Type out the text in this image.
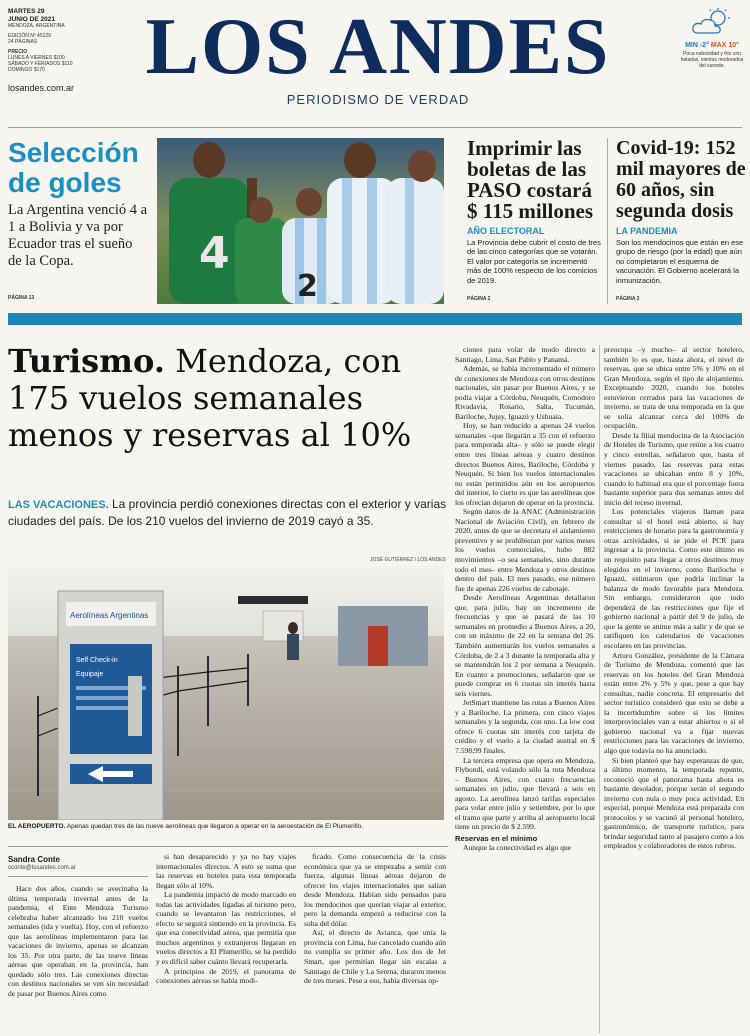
MARTES 29
JUNIO DE 2021
MENDOZA, ARGENTINA
EDICIÓN Nº 45129
24 PÁGINAS
PRECIO
LUNES A VIERNES $100
SÁBADO Y FERIADOS $110
DOMINGO $170
losandes.com.ar LOS ANDES
PERIODISMO DE VERDAD
MIN -2° MAX 10°
Poca nubosidad y frío con heladas, vientos moderados del sureste.
Selección de goles
La Argentina venció 4 a 1 a Bolivia y va por Ecuador tras el sueño de la Copa.
PÁGINA 13
4
2
Imprimir las boletas de las PASO costará $ 115 millones
AÑO ELECTORAL
La Provincia debe cubrir el costo de tres de las cinco categorías que se votarán. El valor por categoría se incrementó más de 100% respecto de los comicios de 2019.
PÁGINA 2
Covid-19: 152 mil mayores de 60 años, sin segunda dosis
LA PANDEMIA
Son los mendocinos que están en ese grupo de riesgo (por la edad) que aún no completaron el esquema de vacunación. El Gobierno acelerará la inmunización.
PÁGINA 3
Turismo. Mendoza, con 175 vuelos semanales menos y reservas al 10%
LAS VACACIONES. La provincia perdió conexiones directas con el exterior y varias ciudades del país. De los 210 vuelos del invierno de 2019 cayó a 35.
JOSÉ GUTIÉRREZ / LOS ANDES
Aerolíneas Argentinas
Self Check-in
Equipaje
EL AEROPUERTO. Apenas quedan tres de las nueve aerolíneas que llegaron a operar en la aeroestación de El Plumerillo.
Sandra Conte
sconte@losandes.com.ar

Hace dos años, cuando se avecinaba la última temporada invernal antes de la pandemia, el Ente Mendoza Turismo celebraba haber alcanzado los 210 vuelos semanales (ida y vuelta). Hoy, con el refuerzo que las aerolíneas implementaron para las vacaciones de invierno, apenas se alcanzan los 35. Por otra parte, de las nueve líneas aéreas que operaban en la provincia, han quedado sólo tres. Las conexiones directas con destinos nacionales se ven sin necesidad de pasar por Buenos Aires como

si han desaparecido y ya no hay viajes internacionales directos. A esto se suma que las reservas en hoteles para esta temporada llegan sólo al 10%.

La pandemia impactó de modo marcado en todas las actividades ligadas al turismo pero, cuando se levantaron las restricciones, el efecto se seguirá sintiendo en la provincia. Es que esa conectividad aérea, que permitía que muchos argentinos y extranjeros llegaran en vuelos directos a El Plumerillo, se ha perdido y es difícil saber cuánto llevará recuperarla.

A principios de 2019, el panorama de conexiones aéreas se había modi-

ficado. Como consecuencia de la crisis económica que ya se empezaba a sentir con fuerza, algunas líneas aéreas dejaron de ofrecer los viajes internacionales que salían desde Mendoza. Habían sido pensados para los mendocinos que querían viajar al exterior, pero la demanda empezó a reducirse con la suba del dólar.

Así, el directo de Avianca, que unía la provincia con Lima, fue cancelado cuando aún no cumplía su primer año. Los dos de Jet Smart, que permitían llegar sin escalas a Santiago de Chile y La Serena, duraron menos de tres meses. Pese a eso, había diversas op-

ciones para volar de modo directo a Santiago, Lima, San Pablo y Panamá.

Además, se había incrementado el número de conexiones de Mendoza con otros destinos nacionales, sin pasar por Buenos Aires, y se podía viajar a Córdoba, Neuquén, Comodoro Rivadavia, Rosario, Salta, Tucumán, Bariloche, Jujuy, Iguazú y Ushuaia.

Hoy, se han reducido a apenas 24 vuelos semanales –que llegarán a 35 con el refuerzo para temporada alta– y sólo se puede elegir entre tres líneas aéreas y cuatro destinos directos Buenos Aires, Bariloche, Córdoba y Neuquén. Si bien los vuelos internacionales no están permitidos aún en los aeropuertos del interior, lo cierto es que las aerolíneas que los ofrecían dejaron de operar en la provincia.

Según datos de la ANAC (Administración Nacional de Aviación Civil), en febrero de 2020, antes de que se decretara el aislamiento preventivo y se prohibieran por varios meses los vuelos comerciales, hubo 882 movimientos –o sea semanales, sino durante todo el mes– entre Mendoza y otros destinos dentro del país. El mes pasado, ese número fue de apenas 226 vuelos de cabotaje.

Desde Aerolíneas Argentinas detallaron que, para julio, hay un incremento de frecuencias y que se pasará de las 10 semanales en promedio a Buenos Aires, a 20, con un máximo de 22 en la semana del 26. También aumentarán los vuelos semanales a Córdoba, de 2 a 3 durante la temporada alta y se mantendrán los 2 por semana a Neuquén. En cuanto a promociones, señalaron que se puede comprar en 6 cuotas sin interés hasta seis viernes.

JetSmart mantiene las rutas a Buenos Aires y a Bariloche. La primera, con cinco viajes semanales y la segunda, con uno. La low cost ofrece 6 cuotas sin interés con tarjeta de crédito y el vuelo a la ciudad austral en $ 7.598,99 finales.

La tercera empresa que opera en Mendoza, Flybondi, está volando sólo la ruta Mendoza – Buenos Aires, con cuatro frecuencias semanales en julio, que llevará a seis en agosto. La aerolínea lanzó tarifas especiales para volar entre julio y setiembre, por lo que el tramo que parte y arriba al aeropuerto local tiene un precio de $ 2.599.

Reservas en el mínimo

Aunque la conectividad es algo que

preocupa –y mucho– al sector hotelero, también lo es que, hasta ahora, el nivel de reservas, que se ubica entre 5% y 10% en el Gran Mendoza, según el tipo de alojamiento. Exceptuando 2020, cuando los hoteles estuvieron cerrados para las vacaciones de invierno, se trata de una temporada en la que se solía alcanzar cerca del 100% de ocupación.

Desde la filial mendocina de la Asociación de Hoteles de Turismo, que reúne a los cuatro y cinco estrellas, señalaron que, hasta el viernes pasado, las reservas para estas vacaciones se ubicaban entre 8 y 10%, cuando lo habitual era que el porcentaje fuera bastante superior para dos semanas antes del inicio del receso invernal.

Los potenciales viajeros llaman para consultar si el hotel está abierto, si hay restricciones de horario para la gastronomía y otras actividades, si se pide el PCR para ingresar a la provincia. Como este último es un requisito para llegar a otros destinos muy elegidos en el invierno, como Bariloche e Iguazú, estimaron que podría inclinar la balanza de modo favorable para Mendoza. Sin embargo, consideraron que todo dependerá de las restricciones que fije el gobierno nacional a partir del 9 de julio, de que la gente se anime más a salir y de que se ratifiquen los calendarios de vacaciones escolares en las provincias.

Arturo González, presidente de la Cámara de Turismo de Mendoza, comentó que las reservas en los hoteles del Gran Mendoza están entre 2% y 5% y que, pese a que hay consultas, nadie concreta. El empresario del sector turístico consideró que esto se debe a la incertidumbre sobre si los límites interprovinciales van a estar abiertos o si el gobierno nacional va a fijar nuevas restricciones para las vacaciones de invierno, algo que todavía no ha anunciado.

Si bien planteó que hay esperanzas de que, a último momento, la temporada repunte, reconoció que el panorama hasta ahora es bastante desolador, porque serán el segundo invierno con nula o muy poca actividad. En especial, porque Mendoza está preparada con protocolos y se vacunó al personal hotelero, gastronómico, de transporte turístico, para brindar seguridad tanto al pasajero como a los empleados y colaboradores de estos rubros.
